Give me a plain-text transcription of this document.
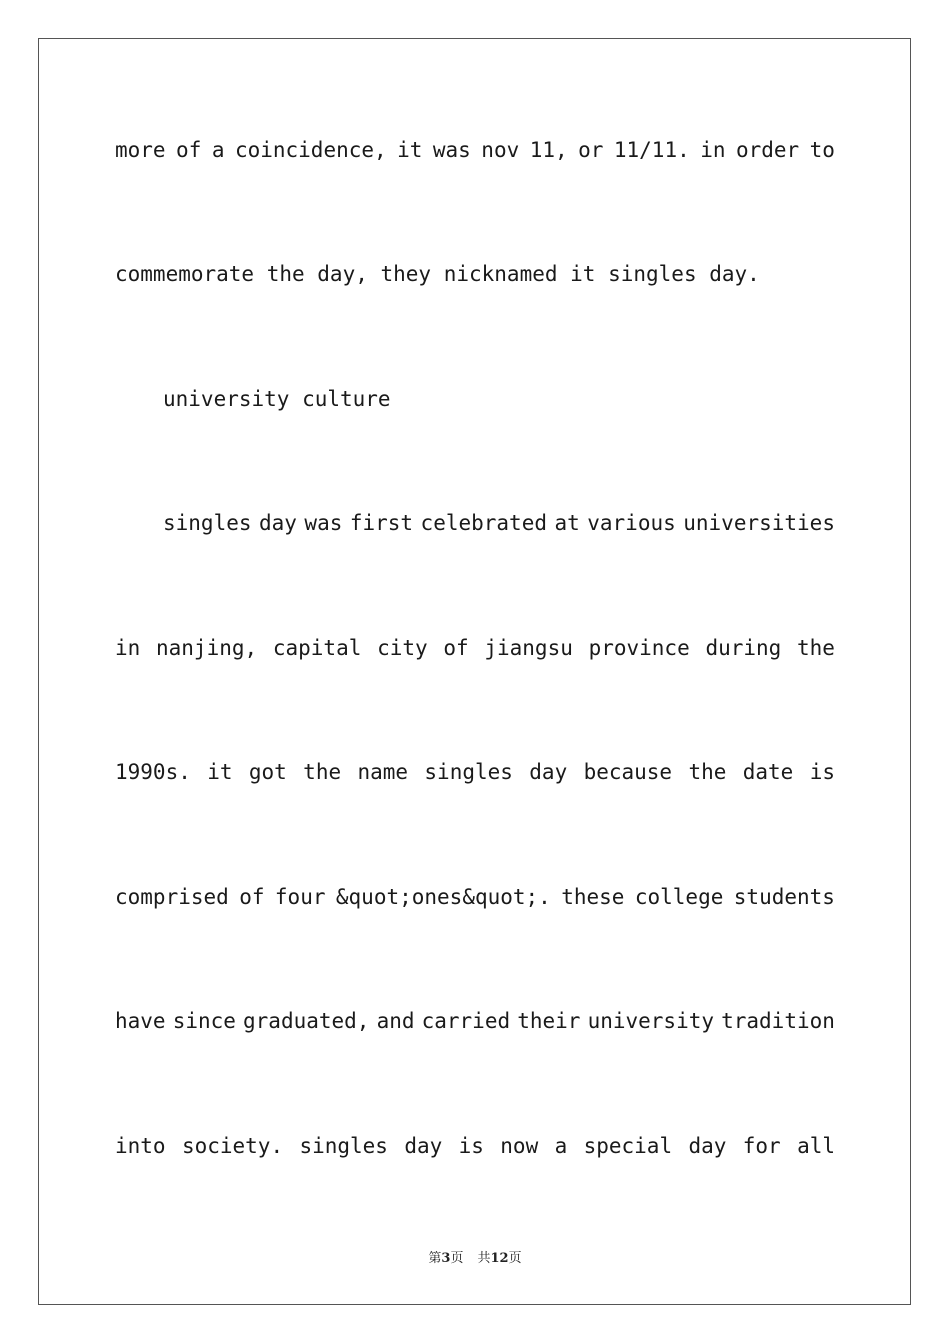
more of a coincidence, it was nov 11, or 11/11. in order to
commemorate the day, they nicknamed it singles day.
university culture
singles day was first celebrated at various universities
in nanjing, capital city of jiangsu province during the
1990s. it got the name singles day because the date is
comprised of four &quot;ones&quot;. these college students
have since graduated, and carried their university tradition
into society. singles day is now a special day for all
第3页 共12页
